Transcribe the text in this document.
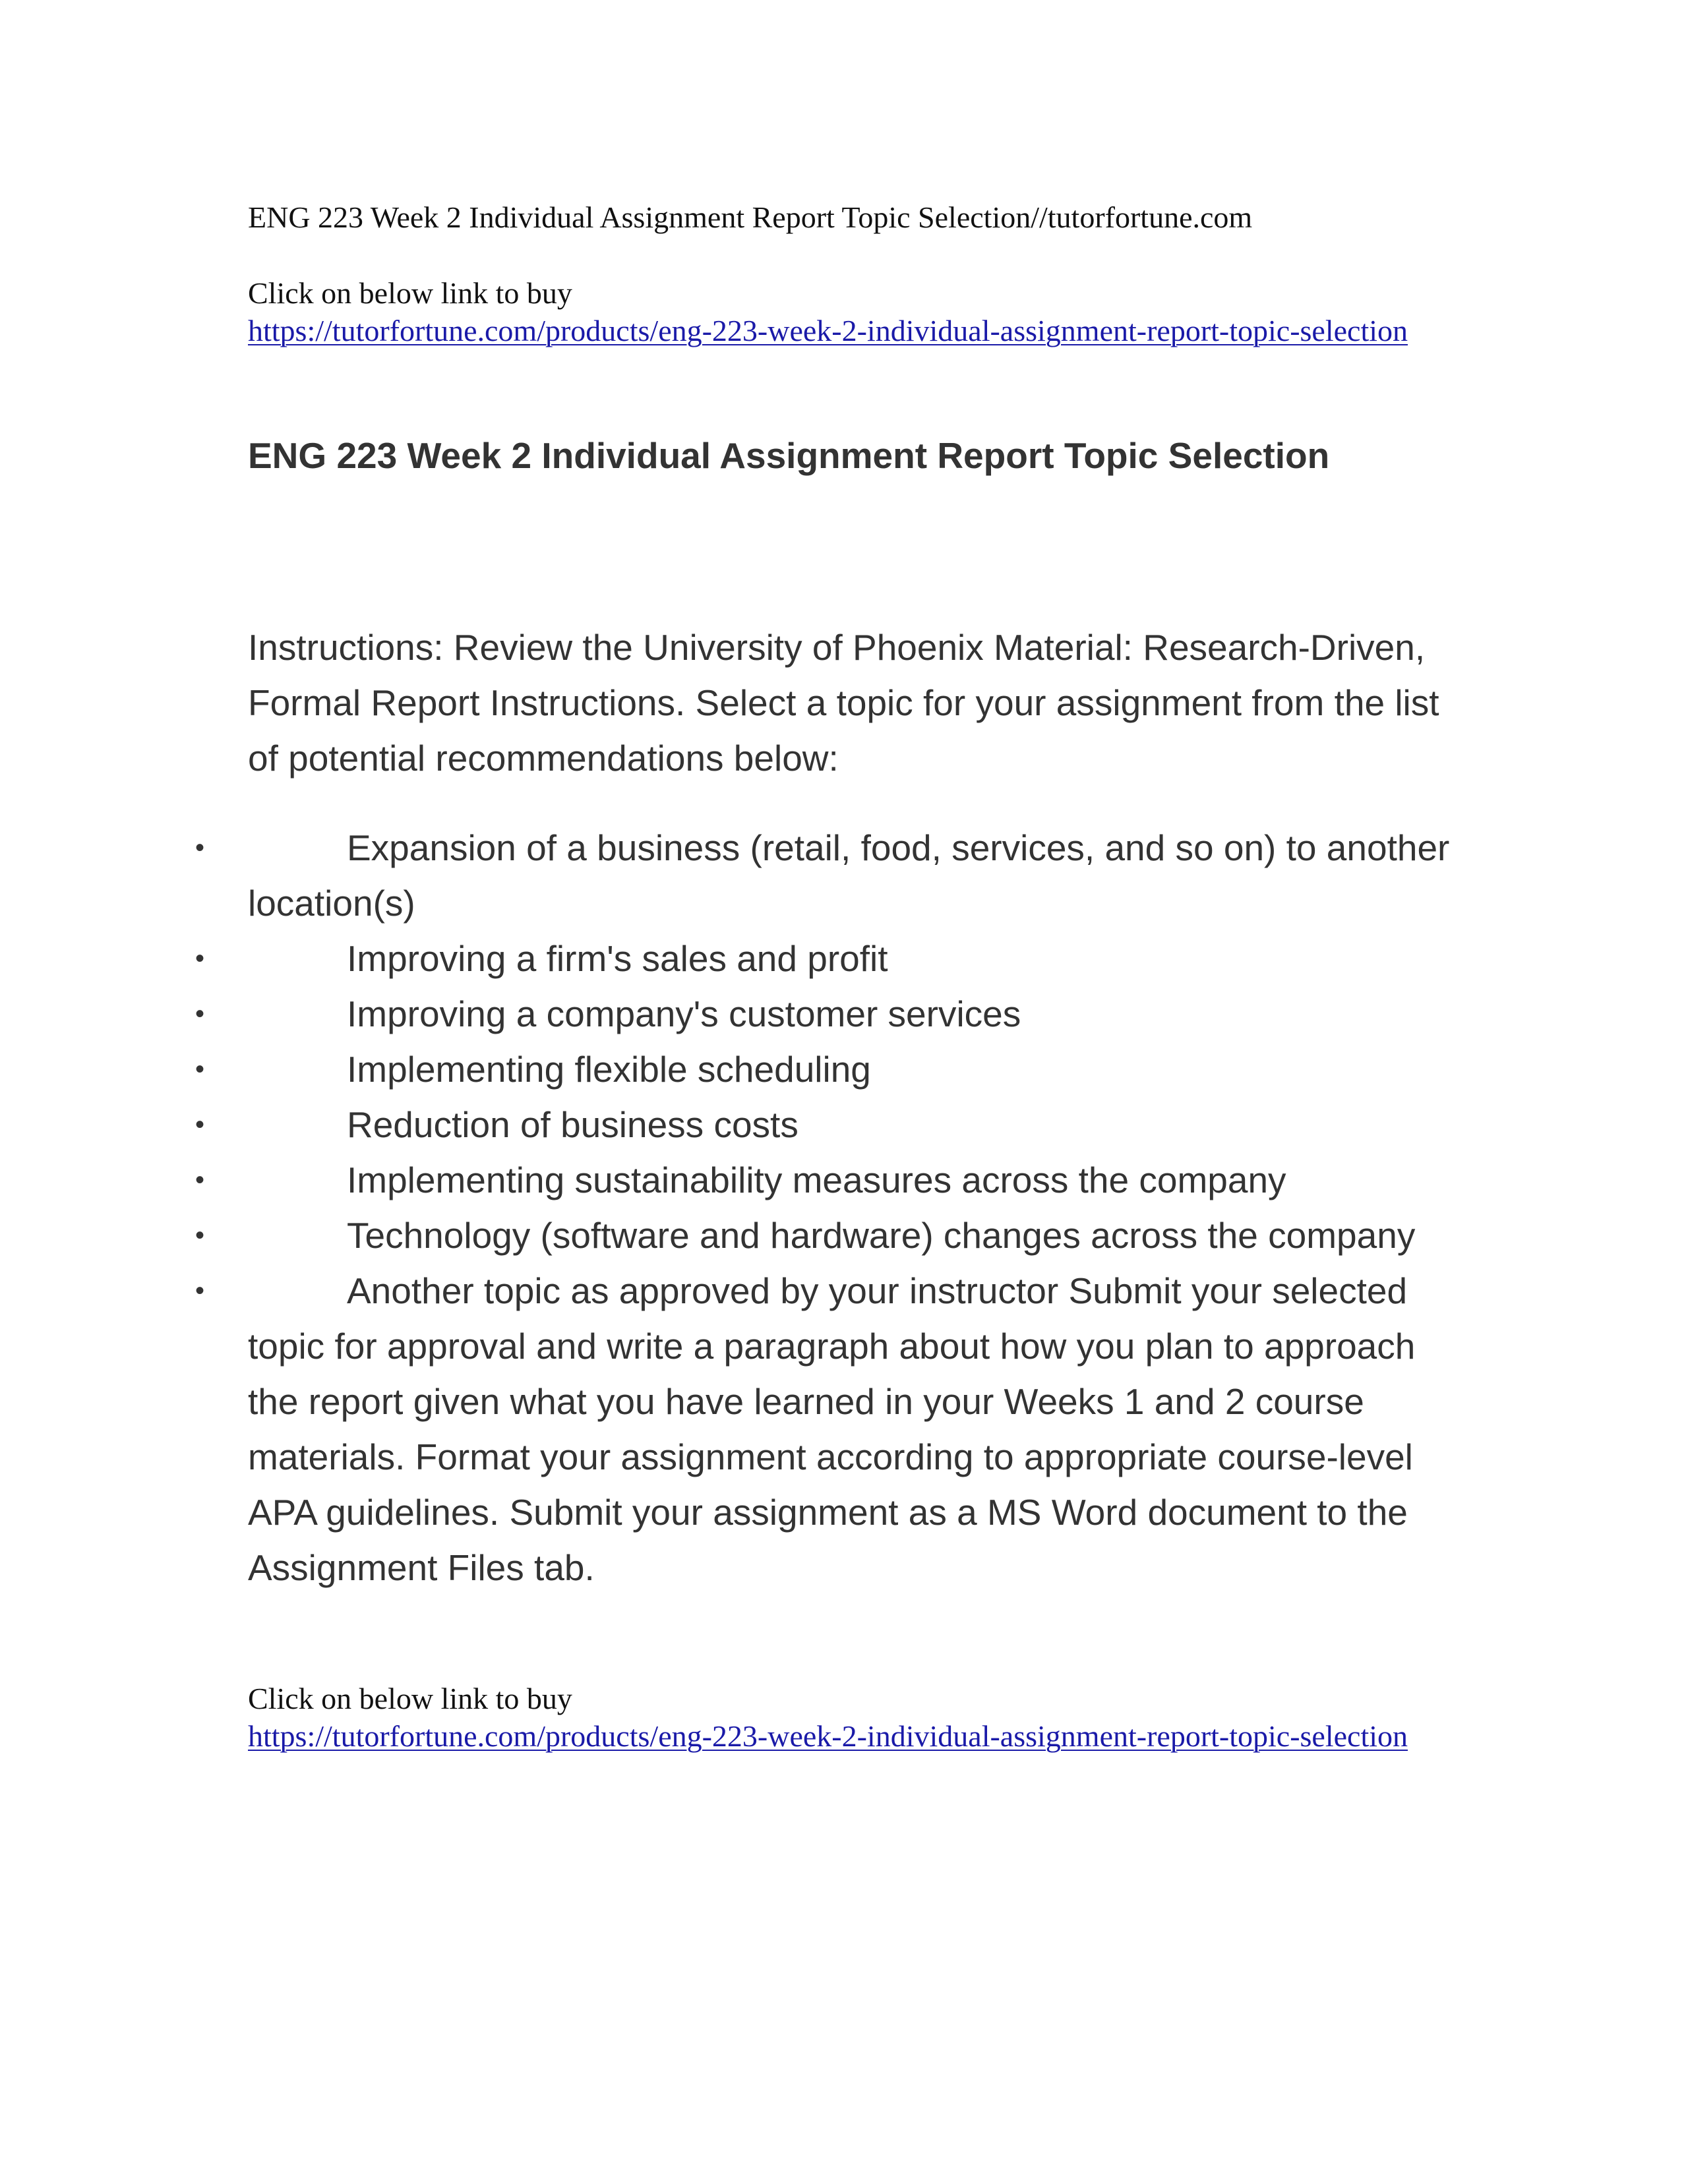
ENG 223 Week 2 Individual Assignment Report Topic Selection//tutorfortune.com
Click on below link to buy
https://tutorfortune.com/products/eng-223-week-2-individual-assignment-report-topic-selection
ENG 223 Week 2 Individual Assignment Report Topic Selection

Instructions: Review the University of Phoenix Material: Research-Driven, Formal Report Instructions. Select a topic for your assignment from the list of potential recommendations below:

•	Expansion of a business (retail, food, services, and so on) to another location(s)
•	Improving a firm's sales and profit
•	Improving a company's customer services
•	Implementing flexible scheduling
•	Reduction of business costs
•	Implementing sustainability measures across the company
•	Technology (software and hardware) changes across the company
•	Another topic as approved by your instructor Submit your selected topic for approval and write a paragraph about how you plan to approach the report given what you have learned in your Weeks 1 and 2 course materials. Format your assignment according to appropriate course-level APA guidelines. Submit your assignment as a MS Word document to the Assignment Files tab.
Click on below link to buy
https://tutorfortune.com/products/eng-223-week-2-individual-assignment-report-topic-selection
